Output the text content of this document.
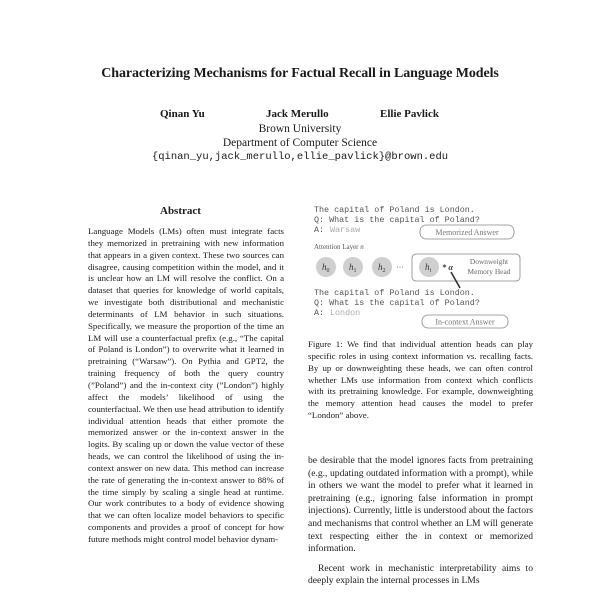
Characterizing Mechanisms for Factual Recall in Language Models
Qinan Yu	Jack Merullo	Ellie Pavlick
Brown University
Department of Computer Science
{qinan_yu,jack_merullo,ellie_pavlick}@brown.edu
Abstract

Language Models (LMs) often must integrate facts they memorized in pretraining with new information that appears in a given context. These two sources can disagree, causing competition within the model, and it is unclear how an LM will resolve the conflict. On a dataset that queries for knowledge of world capitals, we investigate both distributional and mechanistic determinants of LM behavior in such situations. Specifically, we measure the proportion of the time an LM will use a counterfactual prefix (e.g., “The capital of Poland is London”) to overwrite what it learned in pretraining (“Warsaw”). On Pythia and GPT2, the training frequency of both the query country (”Poland”) and the in-context city (”London”) highly affect the models’ likelihood of using the counterfactual. We then use head attribution to identify individual attention heads that either promote the memorized answer or the in-context answer in the logits. By scaling up or down the value vector of these heads, we can control the likelihood of using the in-context answer on new data. This method can increase the rate of generating the in-context answer to 88% of the time simply by scaling a single head at runtime. Our work contributes to a body of evidence showing that we can often localize model behaviors to specific components and provides a proof of concept for how future methods might control model behavior dynam-

The capital of Poland is London.
Q: What is the capital of Poland?
A: Warsaw	Memorized Answer
Attention Layer n
$h_0$ $h_1$ $h_2$ ··· $h_i$ * α
Downweight
Memory Head
The capital of Poland is London.
Q: What is the capital of Poland?
A: London
In-context Answer

Figure 1: We find that individual attention heads can play specific roles in using context information vs. recalling facts. By up or downweighting these heads, we can often control whether LMs use information from context which conflicts with its pretraining knowledge. For example, downweighting the memory attention head causes the model to prefer “London” above.

be desirable that the model ignores facts from pretraining (e.g., updating outdated information with a prompt), while in others we want the model to prefer what it learned in pretraining (e.g., ignoring false information in prompt injections). Currently, little is understood about the factors and mechanisms that control whether an LM will generate text respecting either the in context or memorized information.

Recent work in mechanistic interpretability aims to deeply explain the internal processes in LMs
